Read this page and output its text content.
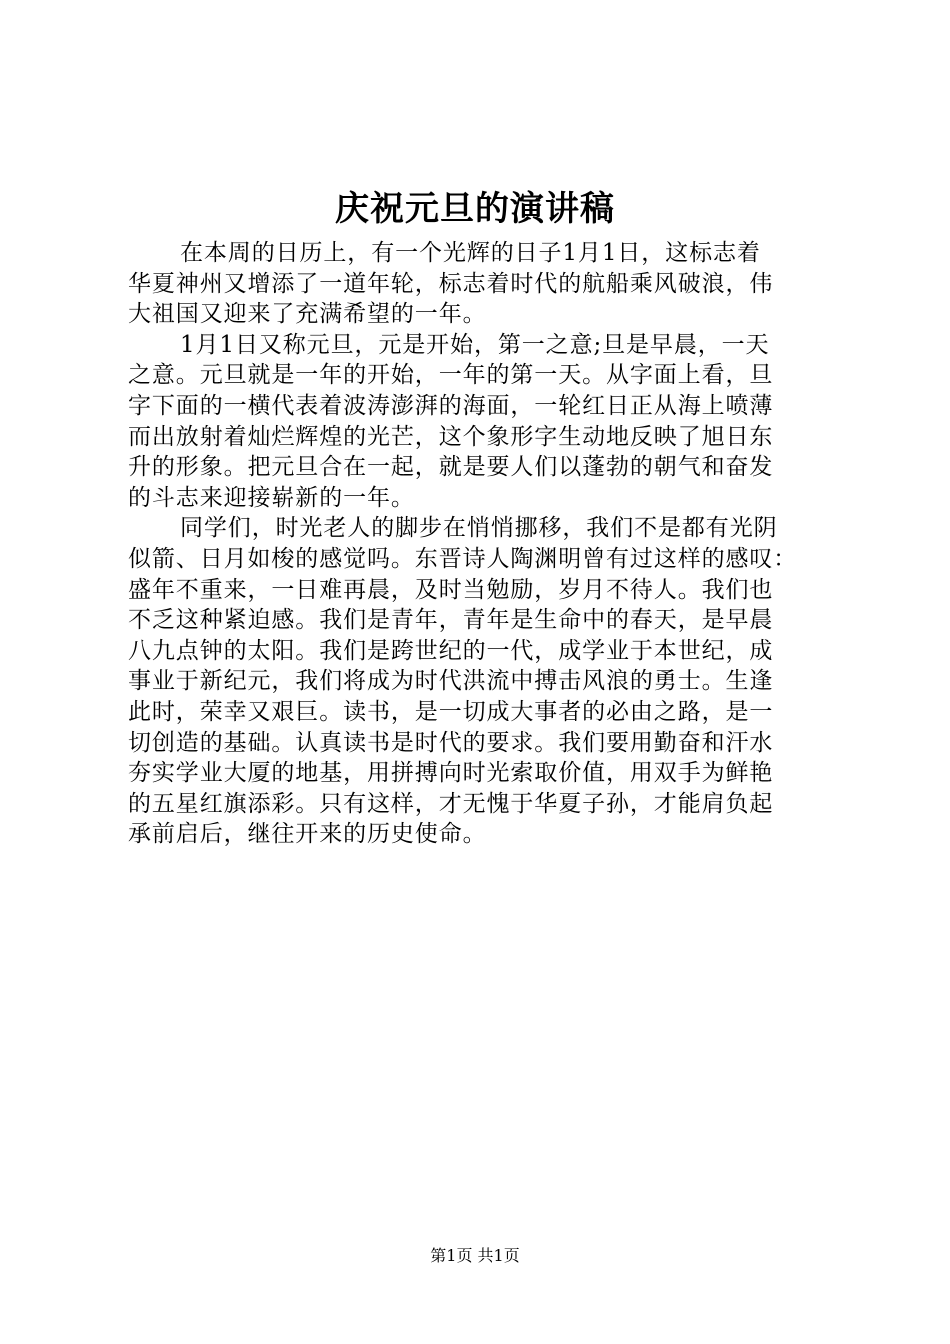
庆祝元旦的演讲稿
在本周的日历上，有一个光辉的日子1月1日，这标志着
华夏神州又增添了一道年轮，标志着时代的航船乘风破浪，伟
大祖国又迎来了充满希望的一年。
1月1日又称元旦，元是开始，第一之意;旦是早晨，一天
之意。元旦就是一年的开始，一年的第一天。从字面上看，旦
字下面的一横代表着波涛澎湃的海面，一轮红日正从海上喷薄
而出放射着灿烂辉煌的光芒，这个象形字生动地反映了旭日东
升的形象。把元旦合在一起，就是要人们以蓬勃的朝气和奋发
的斗志来迎接崭新的一年。
同学们，时光老人的脚步在悄悄挪移，我们不是都有光阴
似箭、日月如梭的感觉吗。东晋诗人陶渊明曾有过这样的感叹：
盛年不重来，一日难再晨，及时当勉励，岁月不待人。我们也
不乏这种紧迫感。我们是青年，青年是生命中的春天，是早晨
八九点钟的太阳。我们是跨世纪的一代，成学业于本世纪，成
事业于新纪元，我们将成为时代洪流中搏击风浪的勇士。生逢
此时，荣幸又艰巨。读书，是一切成大事者的必由之路，是一
切创造的基础。认真读书是时代的要求。我们要用勤奋和汗水
夯实学业大厦的地基，用拼搏向时光索取价值，用双手为鲜艳
的五星红旗添彩。只有这样，才无愧于华夏子孙，才能肩负起
承前启后，继往开来的历史使命。
第1页 共1页
